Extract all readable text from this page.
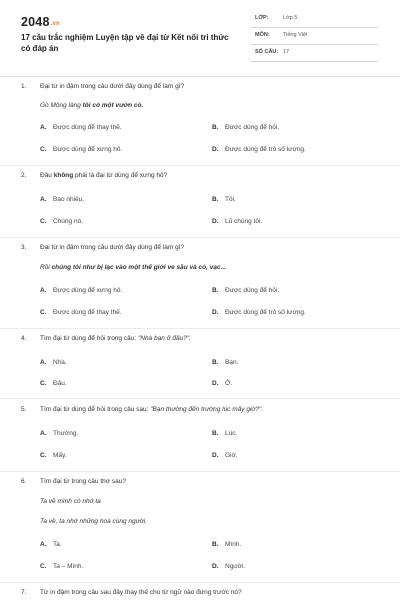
2048.vn
17 câu trắc nghiệm Luyện tập về đại từ Kết nối tri thức có đáp án
LỚP:	Lớp 5
MÔN: Tiếng Việt
SỐ CÂU: 17
1. Đại từ in đậm trong câu dưới đây dùng để làm gì?
Gò Mộng làng tôi có một vườn cò.
A. Được dùng để thay thế.	B. Được dùng để hỏi.
C. Được dùng để xưng hô.	D. Được dùng để trỏ số lượng.
2. Đâu không phải là đại từ dùng để xưng hô?
A. Bao nhiêu.	B. Tôi.
C. Chúng nó.	D. Lũ chúng tôi.
3. Đại từ in đậm trong câu dưới đây dùng để làm gì?
Rồi chúng tôi như bị lạc vào một thế giới ve sầu và cỏ, vạc...
A. Được dùng để xưng hô.	B. Được dùng để hỏi.
C. Được dùng để thay thế.	D. Được dùng để trỏ số lượng.
4. Tìm đại từ dùng để hỏi trong câu: "Nhà bạn ở đâu?".
A. Nhà.	B. Bạn.
C. Đâu.	D. Ở.
5. Tìm đại từ dùng để hỏi trong câu sau: "Bạn thường đến trường lúc mấy giờ?".
A. Thường.	B. Lúc.
C. Mấy.	D. Giờ.
6. Tìm đại từ trong câu thơ sau?
Ta về mình có nhớ ta
Ta về, ta nhớ những hoa cùng người.
A. Ta.	B. Mình.
C. Ta – Mình.	D. Người.
7. Từ in đậm trong câu sau đây thay thế cho từ ngữ nào đứng trước nó?
